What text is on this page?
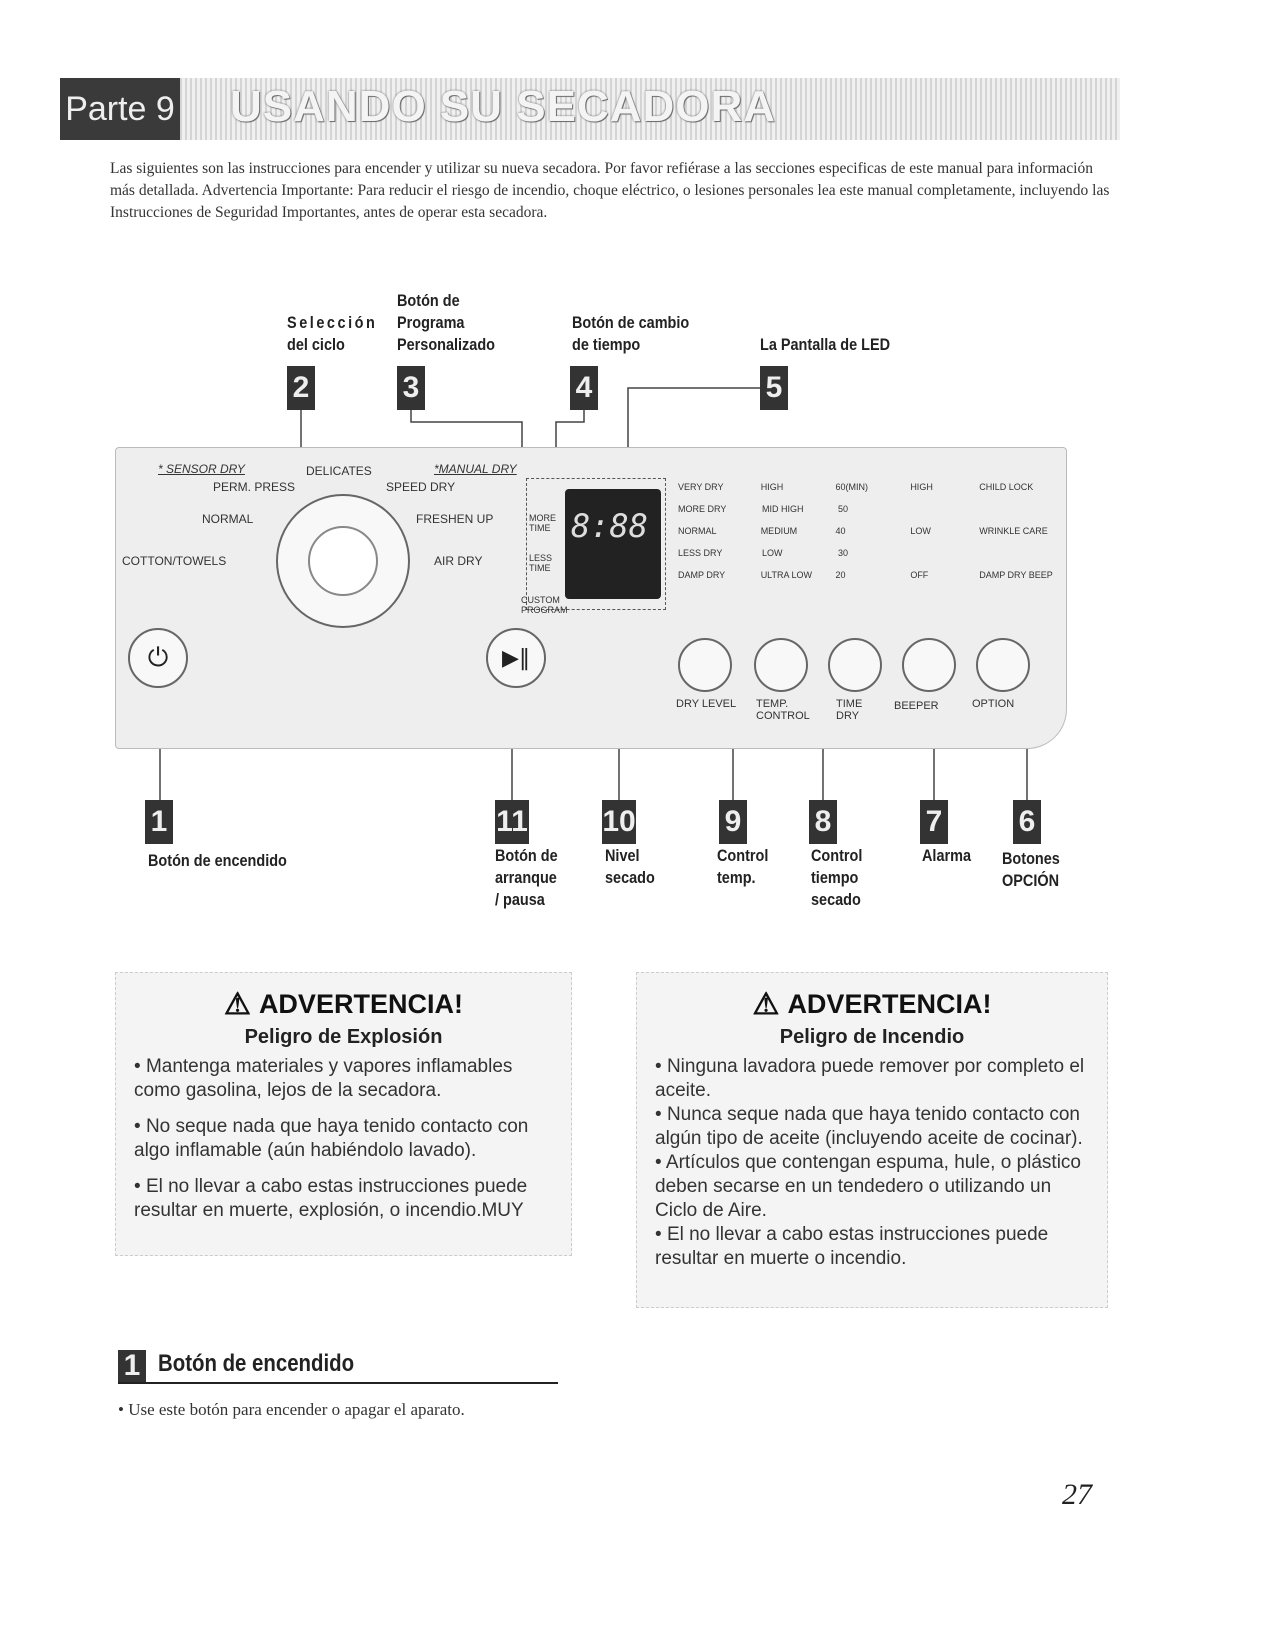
Parte 9 USANDO SU SECADORA
Las siguientes son las instrucciones para encender y utilizar su nueva secadora. Por favor refiérase a las secciones especificas de este manual para información más detallada. Advertencia Importante: Para reducir el riesgo de incendio, choque eléctrico, o lesiones personales lea este manual completamente, incluyendo las Instrucciones de Seguridad Importantes, antes de operar esta secadora.
Selección
del ciclo
Botón de
Programa
Personalizado
Botón de cambio
de tiempo	La Pantalla de LED
2	3	4	5
* SENSOR DRY	*MANUAL DRY
PERM. PRESS
DELICATES
SPEED DRY
NORMAL	FRESHEN UP
COTTON/TOWELS	AIR DRY
8:88
MORE TIME
LESS TIME
CUSTOM PROGRAM
VERY DRY	HIGH	60(MIN)	HIGH	CHILD LOCK
MORE DRY	MID HIGH	50
NORMAL	MEDIUM	40	LOW	WRINKLE CARE
LESS DRY	LOW	30
DAMP DRY	ULTRA LOW	20	OFF	DAMP DRY BEEP
⏻	▶‖
DRY LEVEL TEMP. CONTROL
TIME DRY
BEEPER	OPTION
1	11 10	9 8	7	6
Botón de encendido	Botón de arranque / pausa
Nivel secado
Control temp.
Control tiempo secado
Alarma Botones OPCIÓN
⚠ ADVERTENCIA!
Peligro de Explosión
• Mantenga materiales y vapores inflamables como gasolina, lejos de la secadora.
• No seque nada que haya tenido contacto con algo inflamable (aún habiéndolo lavado).
• El no llevar a cabo estas instrucciones puede resultar en muerte, explosión, o incendio.MUY
⚠ ADVERTENCIA!
Peligro de Incendio
• Ninguna lavadora puede remover por completo el aceite.
• Nunca seque nada que haya tenido contacto con algún tipo de aceite (incluyendo aceite de cocinar).
• Artículos que contengan espuma, hule, o plástico deben secarse en un tendedero o utilizando un Ciclo de Aire.
• El no llevar a cabo estas instrucciones puede resultar en muerte o incendio.
Botón de encendido
1
• Use este botón para encender o apagar el aparato.
27
